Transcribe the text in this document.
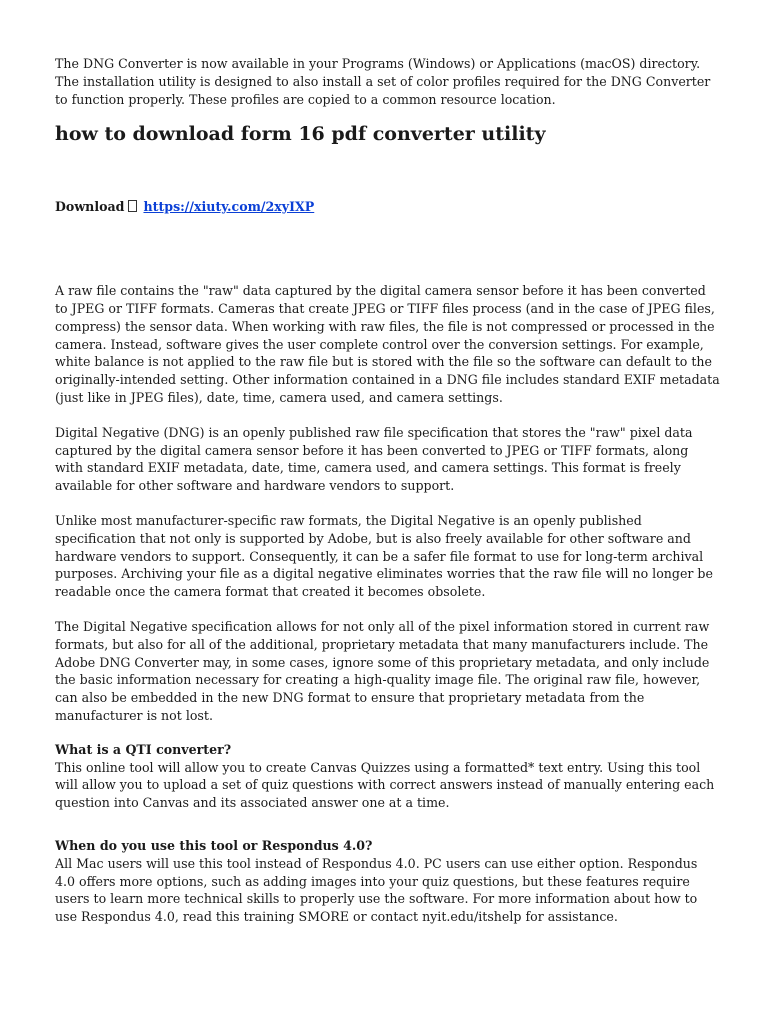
The DNG Converter is now available in your Programs (Windows) or Applications (macOS) directory. The installation utility is designed to also install a set of color profiles required for the DNG Converter to function properly. These profiles are copied to a common resource location.

how to download form 16 pdf converter utility
Download https://xiuty.com/2xyIXP

A raw file contains the "raw" data captured by the digital camera sensor before it has been converted to JPEG or TIFF formats. Cameras that create JPEG or TIFF files process (and in the case of JPEG files, compress) the sensor data. When working with raw files, the file is not compressed or processed in the camera. Instead, software gives the user complete control over the conversion settings. For example, white balance is not applied to the raw file but is stored with the file so the software can default to the originally-intended setting. Other information contained in a DNG file includes standard EXIF metadata (just like in JPEG files), date, time, camera used, and camera settings.

Digital Negative (DNG) is an openly published raw file specification that stores the "raw" pixel data captured by the digital camera sensor before it has been converted to JPEG or TIFF formats, along with standard EXIF metadata, date, time, camera used, and camera settings. This format is freely available for other software and hardware vendors to support.

Unlike most manufacturer-specific raw formats, the Digital Negative is an openly published specification that not only is supported by Adobe, but is also freely available for other software and hardware vendors to support. Consequently, it can be a safer file format to use for long-term archival purposes. Archiving your file as a digital negative eliminates worries that the raw file will no longer be readable once the camera format that created it becomes obsolete.

The Digital Negative specification allows for not only all of the pixel information stored in current raw formats, but also for all of the additional, proprietary metadata that many manufacturers include. The Adobe DNG Converter may, in some cases, ignore some of this proprietary metadata, and only include the basic information necessary for creating a high-quality image file. The original raw file, however, can also be embedded in the new DNG format to ensure that proprietary metadata from the manufacturer is not lost.

What is a QTI converter?

This online tool will allow you to create Canvas Quizzes using a formatted* text entry. Using this tool will allow you to upload a set of quiz questions with correct answers instead of manually entering each question into Canvas and its associated answer one at a time.

When do you use this tool or Respondus 4.0?

All Mac users will use this tool instead of Respondus 4.0. PC users can use either option. Respondus 4.0 offers more options, such as adding images into your quiz questions, but these features require users to learn more technical skills to properly use the software. For more information about how to use Respondus 4.0, read this training SMORE or contact nyit.edu/itshelp for assistance.
